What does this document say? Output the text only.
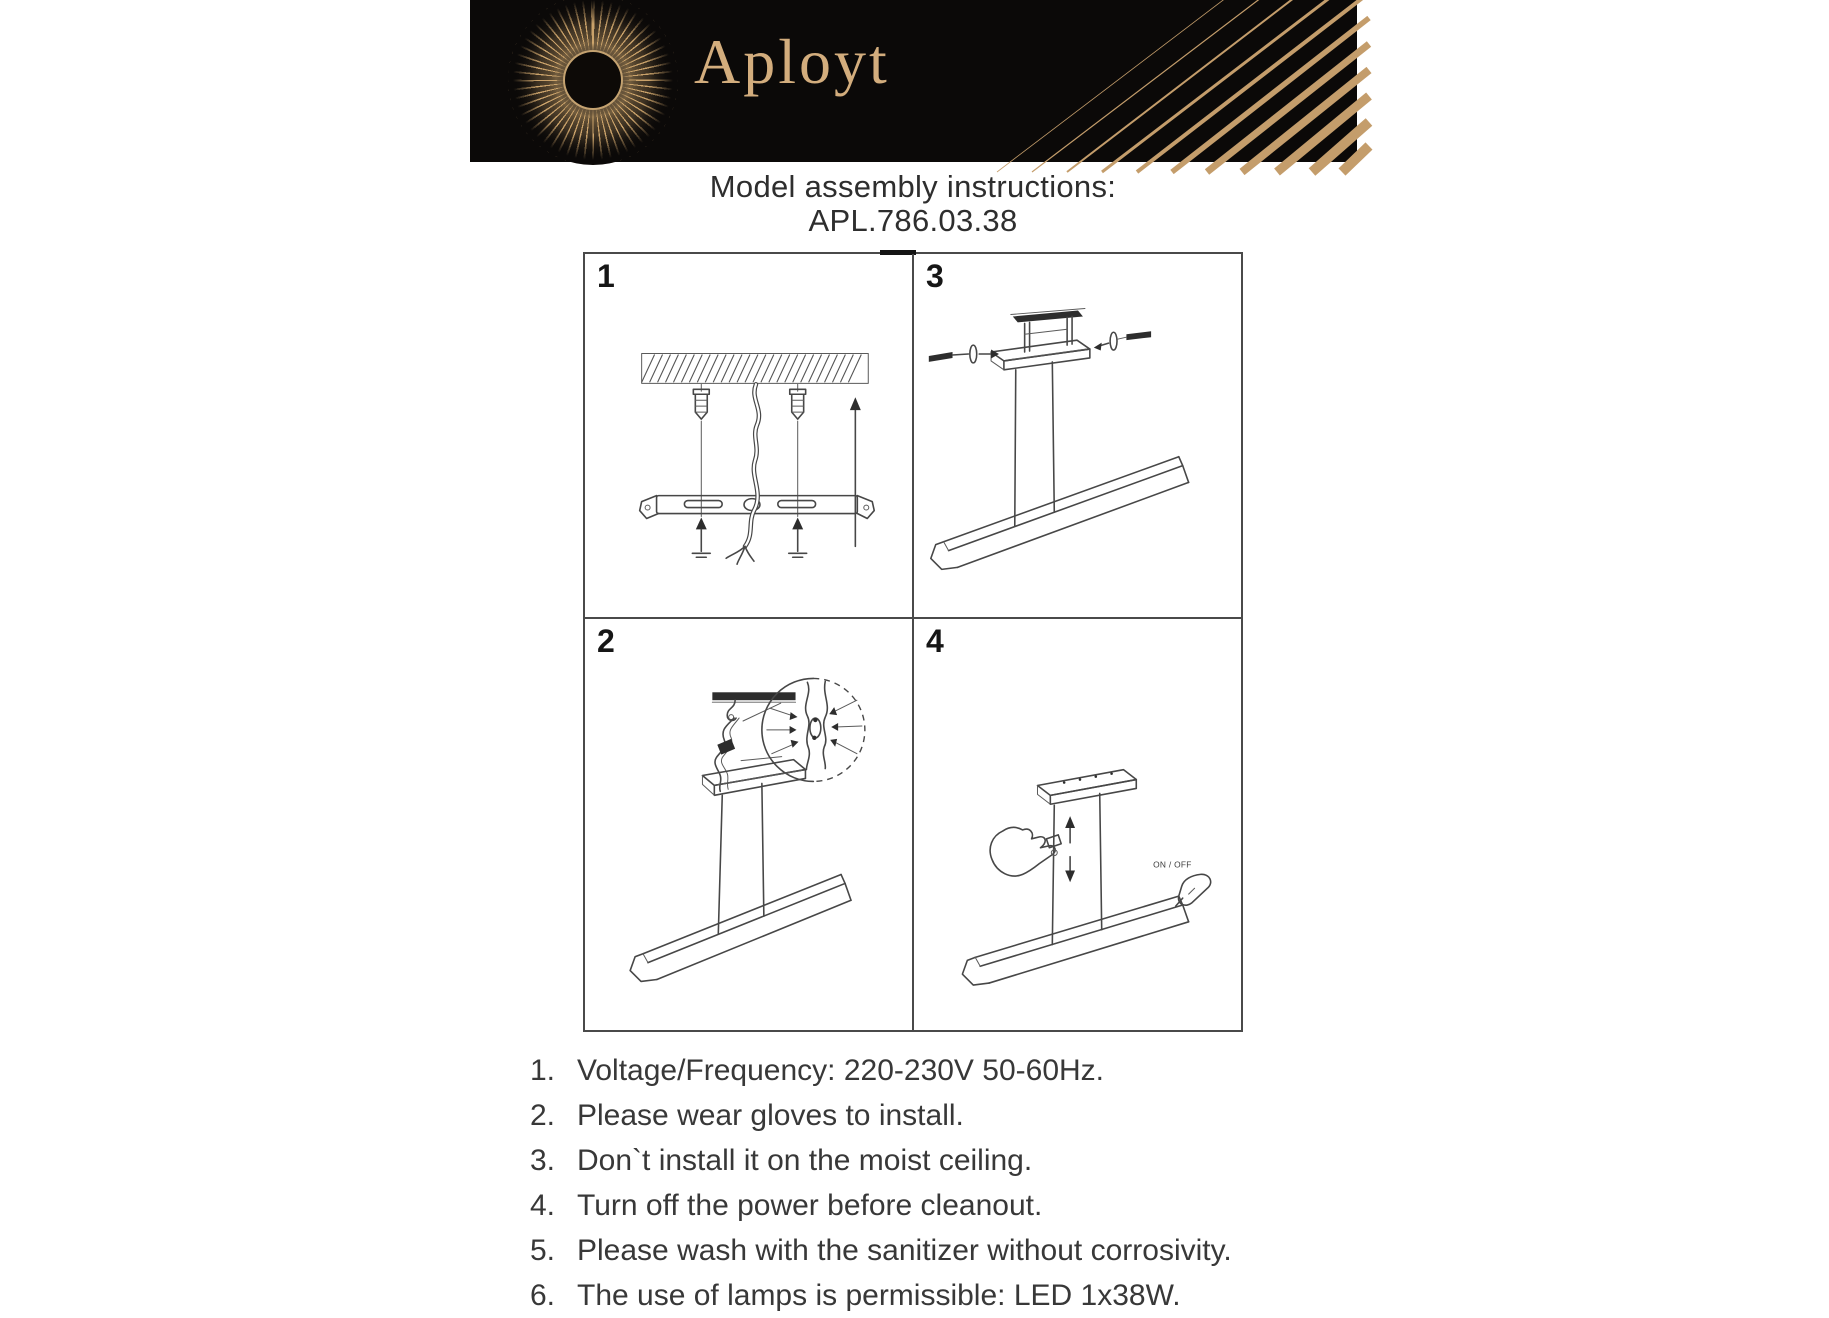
Aployt
Model assembly instructions:
APL.786.03.38
1	3
2	4
ON / OFF
1. Voltage/Frequency: 220-230V 50-60Hz.
2. Please wear gloves to install.
3. Don`t install it on the moist ceiling.
4. Turn off the power before cleanout.
5. Please wash with the sanitizer without corrosivity.
6. The use of lamps is permissible: LED 1x38W.
